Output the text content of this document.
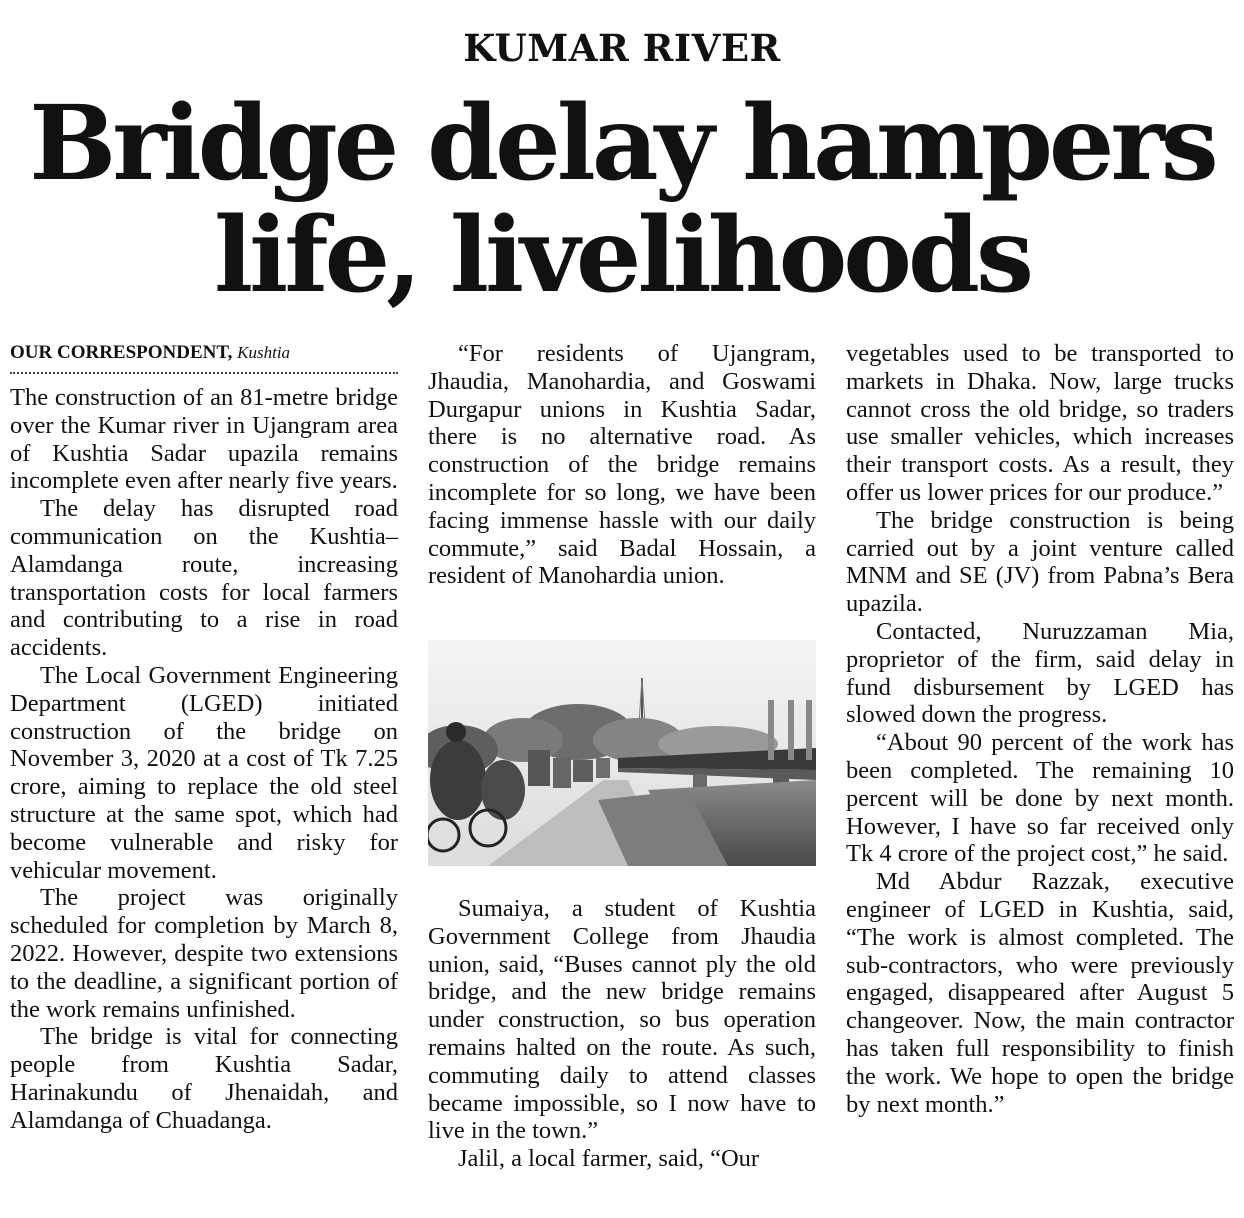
KUMAR RIVER
Bridge delay hampers
life, livelihoods
OUR CORRESPONDENT, Kushtia

The construction of an 81-metre bridge over the Kumar river in Ujangram area of Kushtia Sadar upazila remains incomplete even after nearly five years.

The delay has disrupted road communication on the Kushtia–Alamdanga route, increasing transportation costs for local farmers and contributing to a rise in road accidents.

The Local Government Engineering Department (LGED) initiated construction of the bridge on November 3, 2020 at a cost of Tk 7.25 crore, aiming to replace the old steel structure at the same spot, which had become vulnerable and risky for vehicular movement.

The project was originally scheduled for completion by March 8, 2022. However, despite two extensions to the deadline, a significant portion of the work remains unfinished.

The bridge is vital for connecting people from Kushtia Sadar, Harinakundu of Jhenaidah, and Alamdanga of Chuadanga.

“For residents of Ujangram, Jhaudia, Manohardia, and Goswami Durgapur unions in Kushtia Sadar, there is no alternative road. As construction of the bridge remains incomplete for so long, we have been facing immense hassle with our daily commute,” said Badal Hossain, a resident of Manohardia union.

Sumaiya, a student of Kushtia Government College from Jhaudia union, said, “Buses cannot ply the old bridge, and the new bridge remains under construction, so bus operation remains halted on the route. As such, commuting daily to attend classes became impossible, so I now have to live in the town.”

Jalil, a local farmer, said, “Our

vegetables used to be transported to markets in Dhaka. Now, large trucks cannot cross the old bridge, so traders use smaller vehicles, which increases their transport costs. As a result, they offer us lower prices for our produce.”

The bridge construction is being carried out by a joint venture called MNM and SE (JV) from Pabna’s Bera upazila.

Contacted, Nuruzzaman Mia, proprietor of the firm, said delay in fund disbursement by LGED has slowed down the progress.

“About 90 percent of the work has been completed. The remaining 10 percent will be done by next month. However, I have so far received only Tk 4 crore of the project cost,” he said.

Md Abdur Razzak, executive engineer of LGED in Kushtia, said, “The work is almost completed. The sub-contractors, who were previously engaged, disappeared after August 5 changeover. Now, the main contractor has taken full responsibility to finish the work. We hope to open the bridge by next month.”
